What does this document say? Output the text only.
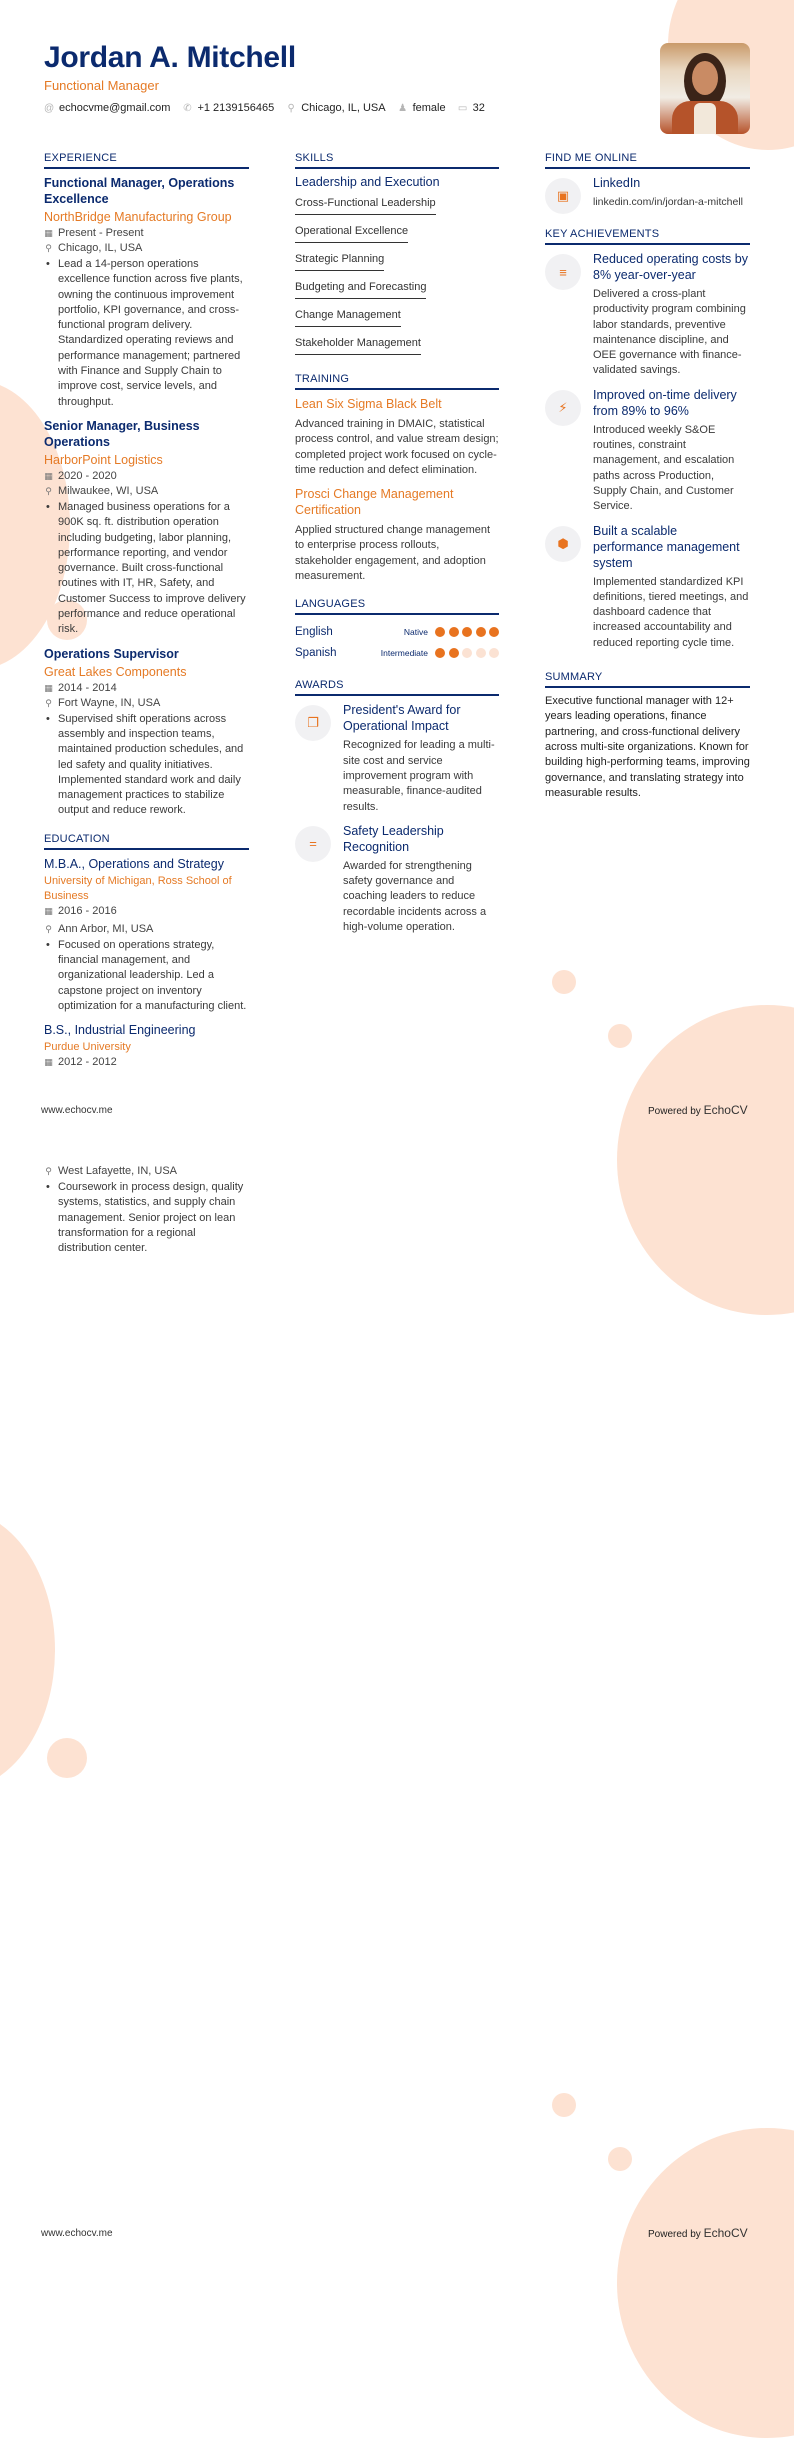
Jordan A. Mitchell
Functional Manager
@ echocvme@gmail.com ✆ +1 2139156465 ⚲ Chicago, IL, USA ♟ female ▭ 32
EXPERIENCE
Functional Manager, Operations Excellence
NorthBridge Manufacturing Group
▦ Present - Present
⚲ Chicago, IL, USA
• Lead a 14-person operations excellence function across five plants, owning the continuous improvement portfolio, KPI governance, and cross-functional program delivery. Standardized operating reviews and performance management; partnered with Finance and Supply Chain to improve cost, service levels, and throughput.
Senior Manager, Business Operations
HarborPoint Logistics
▦ 2020 - 2020
⚲ Milwaukee, WI, USA
• Managed business operations for a 900K sq. ft. distribution operation including budgeting, labor planning, performance reporting, and vendor governance. Built cross-functional routines with IT, HR, Safety, and Customer Success to improve delivery performance and reduce operational risk.
Operations Supervisor
Great Lakes Components
▦ 2014 - 2014
⚲ Fort Wayne, IN, USA
• Supervised shift operations across assembly and inspection teams, maintained production schedules, and led safety and quality initiatives. Implemented standard work and daily management practices to stabilize output and reduce rework.
EDUCATION
M.B.A., Operations and Strategy
University of Michigan, Ross School of Business
▦ 2016 - 2016
⚲ Ann Arbor, MI, USA
• Focused on operations strategy, financial management, and organizational leadership. Led a capstone project on inventory optimization for a manufacturing client.
B.S., Industrial Engineering
Purdue University
▦ 2012 - 2012
⚲ West Lafayette, IN, USA
• Coursework in process design, quality systems, statistics, and supply chain management. Senior project on lean transformation for a regional distribution center.
SKILLS
Leadership and Execution
Cross-Functional Leadership
Operational Excellence
Strategic Planning
Budgeting and Forecasting
Change Management
Stakeholder Management
TRAINING
Lean Six Sigma Black Belt
Advanced training in DMAIC, statistical process control, and value stream design; completed project work focused on cycle-time reduction and defect elimination.
Prosci Change Management Certification
Applied structured change management to enterprise process rollouts, stakeholder engagement, and adoption measurement.
LANGUAGES
English	Native
Spanish	Intermediate
AWARDS
❐
President's Award for Operational Impact
Recognized for leading a multi-site cost and service improvement program with measurable, finance-audited results.
=
Safety Leadership Recognition
Awarded for strengthening safety governance and coaching leaders to reduce recordable incidents across a high-volume operation.
FIND ME ONLINE
▣
LinkedIn
linkedin.com/in/jordan-a-mitchell
KEY ACHIEVEMENTS
≡
Reduced operating costs by 8% year-over-year
Delivered a cross-plant productivity program combining labor standards, preventive maintenance discipline, and OEE governance with finance-validated savings.
⚡
Improved on-time delivery from 89% to 96%
Introduced weekly S&OE routines, constraint management, and escalation paths across Production, Supply Chain, and Customer Service.
⬢
Built a scalable performance management system
Implemented standardized KPI definitions, tiered meetings, and dashboard cadence that increased accountability and reduced reporting cycle time.
SUMMARY
Executive functional manager with 12+ years leading operations, finance partnering, and cross-functional delivery across multi-site organizations. Known for building high-performing teams, improving governance, and translating strategy into measurable results.
www.echocv.me	Powered by EchoCV
www.echocv.me	Powered by EchoCV
